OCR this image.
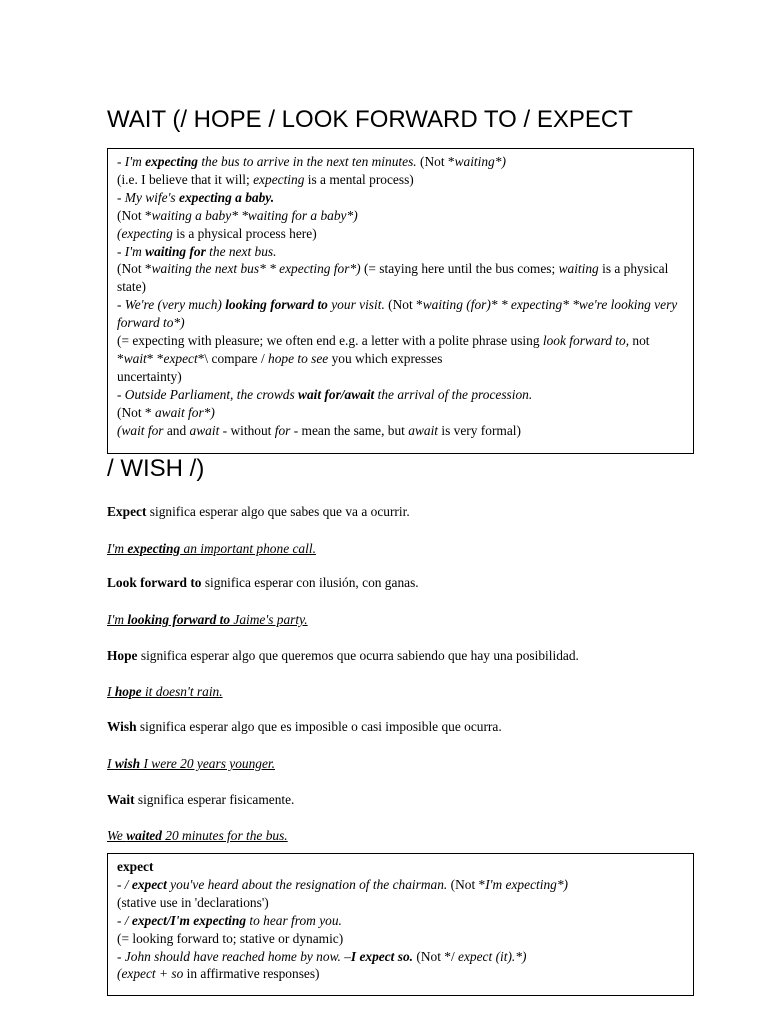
WAIT (/ HOPE / LOOK FORWARD TO / EXPECT

- I'm expecting the bus to arrive in the next ten minutes. (Not *waiting*)

(i.e. I believe that it will; expecting is a mental process)

- My wife's expecting a baby.

(Not *waiting a baby* *waiting for a baby*)

(expecting is a physical process here)

- I'm waiting for the next bus.

(Not *waiting the next bus* * expecting for*) (= staying here until the bus comes; waiting is a physical state)

- We're (very much) looking forward to your visit. (Not *waiting (for)* * expecting* *we're looking very forward to*)

(= expecting with pleasure; we often end e.g. a letter with a polite phrase using look forward to, not *wait* *expect*\ compare / hope to see you which expresses
uncertainty)

- Outside Parliament, the crowds wait for/await the arrival of the procession.

(Not * await for*)

(wait for and await - without for - mean the same, but await is very formal)

/ WISH /)

Expect significa esperar algo que sabes que va a ocurrir.

I'm expecting an important phone call.

Look forward to significa esperar con ilusión, con ganas.

I'm looking forward to Jaime's party.

Hope significa esperar algo que queremos que ocurra sabiendo que hay una posibilidad.

I hope it doesn't rain.

Wish significa esperar algo que es imposible o casi imposible que ocurra.

I wish I were 20 years younger.

Wait significa esperar fisicamente.

We waited 20 minutes for the bus.

expect

- / expect you've heard about the resignation of the chairman. (Not *I'm expecting*)

(stative use in 'declarations')

- / expect/I'm expecting to hear from you.

(= looking forward to; stative or dynamic)

- John should have reached home by now. –I expect so. (Not */ expect (it).*)

(expect + so in affirmative responses)
